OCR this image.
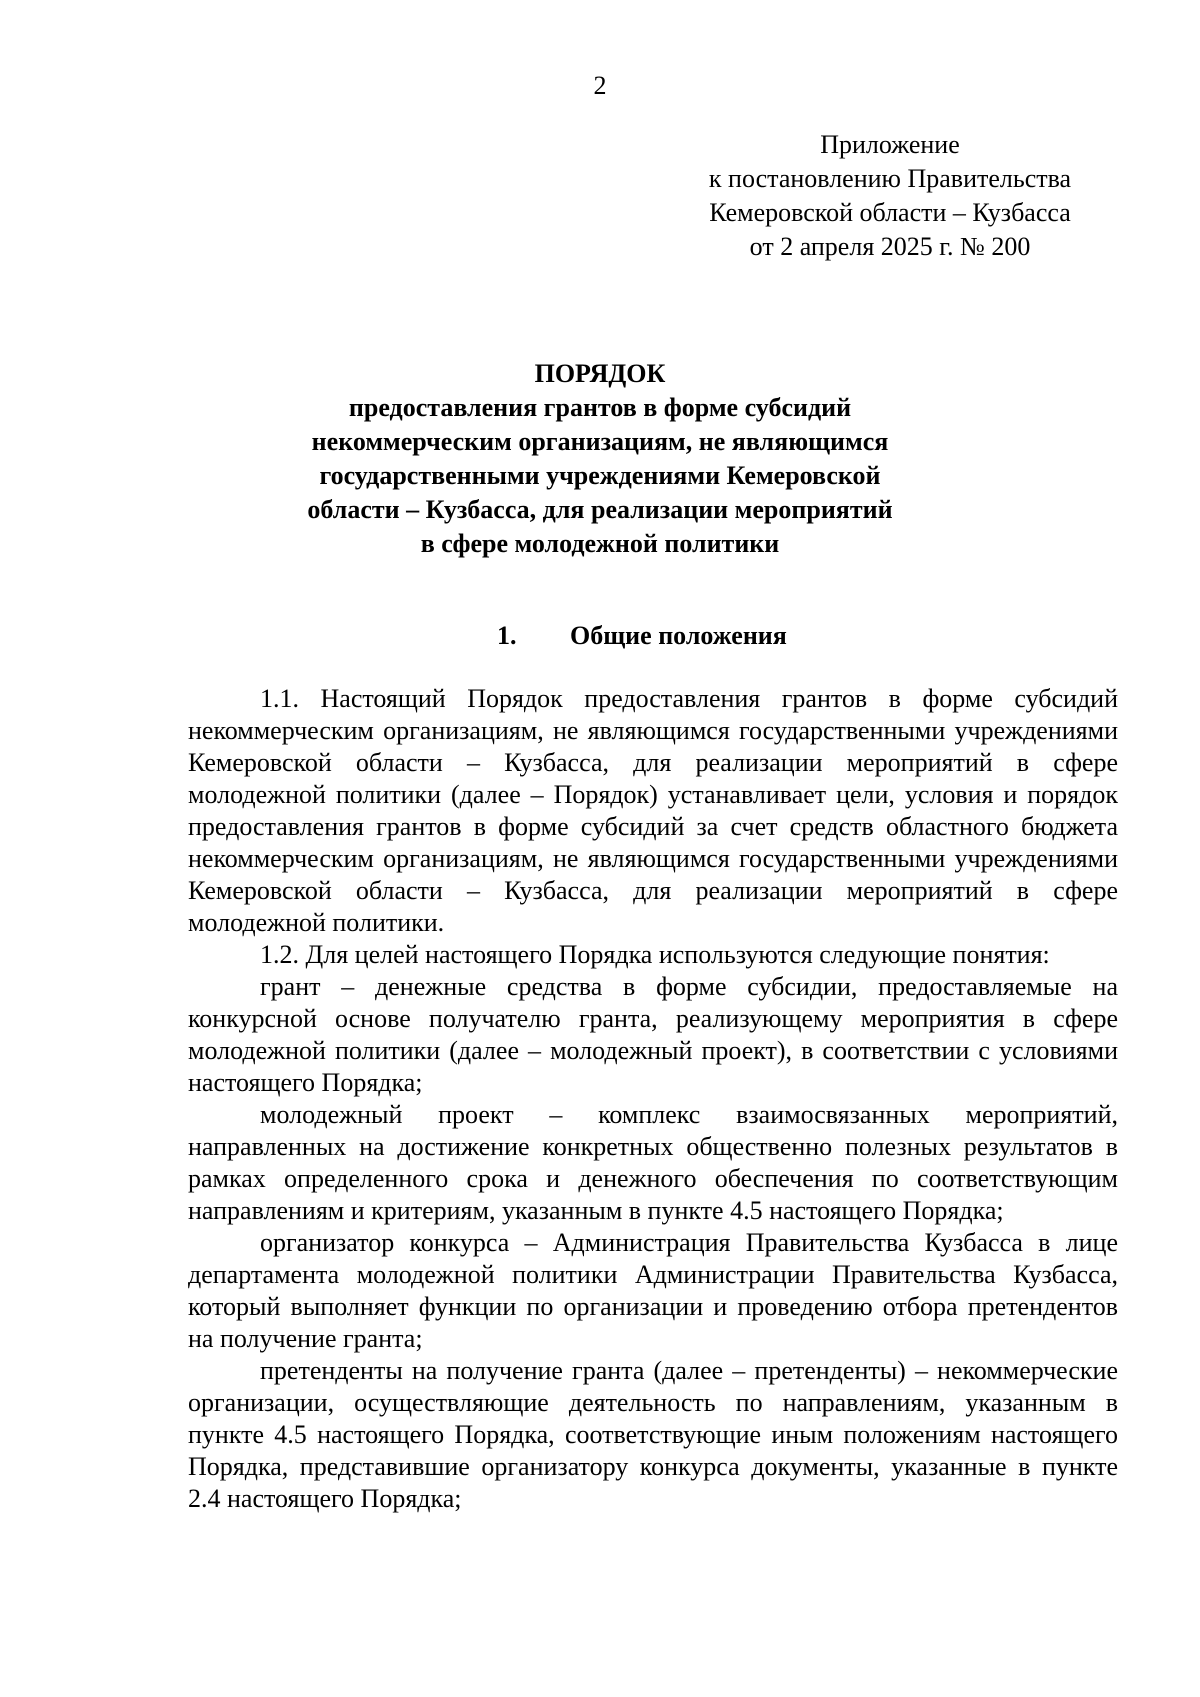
2
Приложение
к постановлению Правительства
Кемеровской области – Кузбасса
от 2 апреля 2025 г. № 200
ПОРЯДОК
предоставления грантов в форме субсидий
некоммерческим организациям, не являющимся
государственными учреждениями Кемеровской
области – Кузбасса, для реализации мероприятий
в сфере молодежной политики
1. Общие положения

1.1. Настоящий Порядок предоставления грантов в форме субсидий некоммерческим организациям, не являющимся государственными учреждениями Кемеровской области – Кузбасса, для реализации мероприятий в сфере молодежной политики (далее – Порядок) устанавливает цели, условия и порядок предоставления грантов в форме субсидий за счет средств областного бюджета некоммерческим организациям, не являющимся государственными учреждениями Кемеровской области – Кузбасса, для реализации мероприятий в сфере молодежной политики.

1.2. Для целей настоящего Порядка используются следующие понятия:

грант – денежные средства в форме субсидии, предоставляемые на конкурсной основе получателю гранта, реализующему мероприятия в сфере молодежной политики (далее – молодежный проект), в соответствии с условиями настоящего Порядка;

молодежный проект – комплекс взаимосвязанных мероприятий, направленных на достижение конкретных общественно полезных результатов в рамках определенного срока и денежного обеспечения по соответствующим направлениям и критериям, указанным в пункте 4.5 настоящего Порядка;

организатор конкурса – Администрация Правительства Кузбасса в лице департамента молодежной политики Администрации Правительства Кузбасса, который выполняет функции по организации и проведению отбора претендентов на получение гранта;

претенденты на получение гранта (далее – претенденты) – некоммерческие организации, осуществляющие деятельность по направлениям, указанным в пункте 4.5 настоящего Порядка, соответствующие иным положениям настоящего Порядка, представившие организатору конкурса документы, указанные в пункте 2.4 настоящего Порядка;
